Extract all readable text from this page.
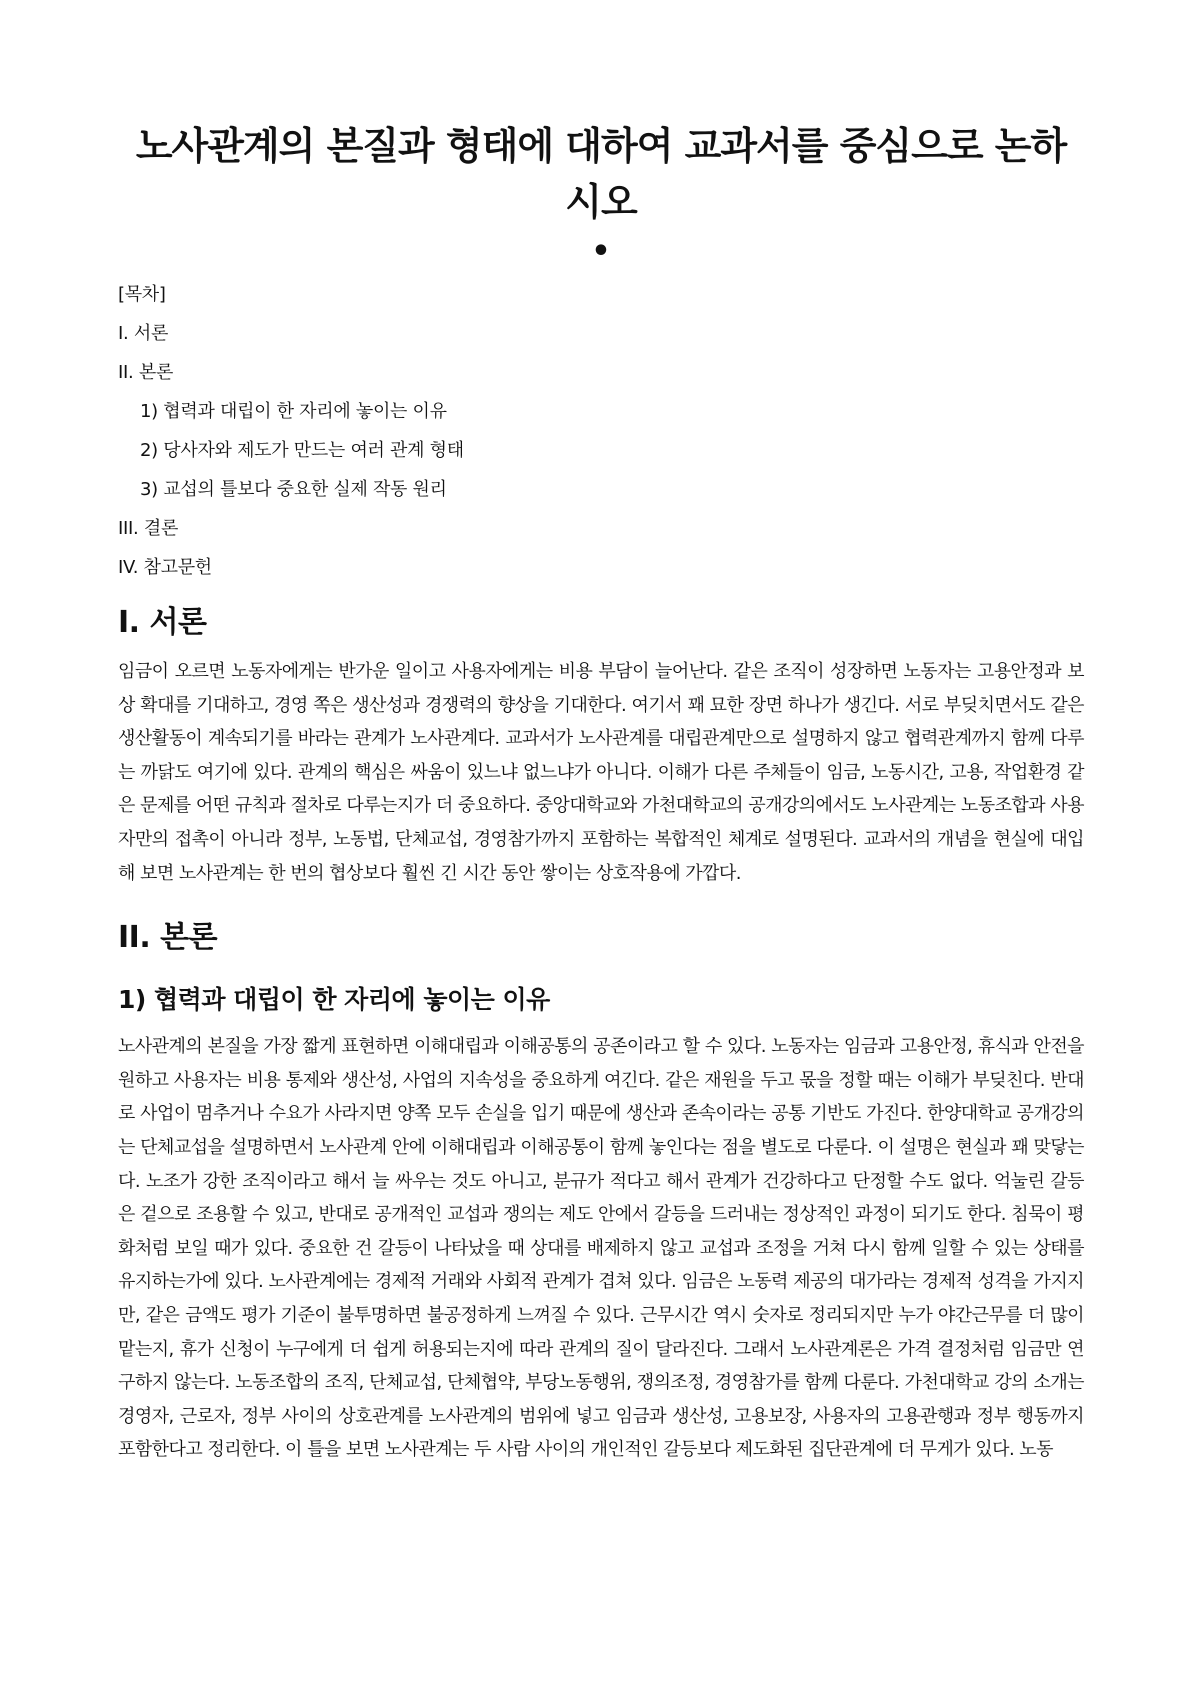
노사관계의 본질과 형태에 대하여 교과서를 중심으로 논하시오
•
[목차]
I. 서론
II. 본론
1) 협력과 대립이 한 자리에 놓이는 이유
2) 당사자와 제도가 만드는 여러 관계 형태
3) 교섭의 틀보다 중요한 실제 작동 원리
III. 결론
IV. 참고문헌
I. 서론

임금이 오르면 노동자에게는 반가운 일이고 사용자에게는 비용 부담이 늘어난다. 같은 조직이 성장하면 노동자는 고용안정과 보상 확대를 기대하고, 경영 쪽은 생산성과 경쟁력의 향상을 기대한다. 여기서 꽤 묘한 장면 하나가 생긴다. 서로 부딪치면서도 같은 생산활동이 계속되기를 바라는 관계가 노사관계다. 교과서가 노사관계를 대립관계만으로 설명하지 않고 협력관계까지 함께 다루는 까닭도 여기에 있다. 관계의 핵심은 싸움이 있느냐 없느냐가 아니다. 이해가 다른 주체들이 임금, 노동시간, 고용, 작업환경 같은 문제를 어떤 규칙과 절차로 다루는지가 더 중요하다. 중앙대학교와 가천대학교의 공개강의에서도 노사관계는 노동조합과 사용자만의 접촉이 아니라 정부, 노동법, 단체교섭, 경영참가까지 포함하는 복합적인 체계로 설명된다. 교과서의 개념을 현실에 대입해 보면 노사관계는 한 번의 협상보다 훨씬 긴 시간 동안 쌓이는 상호작용에 가깝다.

II. 본론
1) 협력과 대립이 한 자리에 놓이는 이유

노사관계의 본질을 가장 짧게 표현하면 이해대립과 이해공통의 공존이라고 할 수 있다. 노동자는 임금과 고용안정, 휴식과 안전을 원하고 사용자는 비용 통제와 생산성, 사업의 지속성을 중요하게 여긴다. 같은 재원을 두고 몫을 정할 때는 이해가 부딪친다. 반대로 사업이 멈추거나 수요가 사라지면 양쪽 모두 손실을 입기 때문에 생산과 존속이라는 공통 기반도 가진다. 한양대학교 공개강의는 단체교섭을 설명하면서 노사관계 안에 이해대립과 이해공통이 함께 놓인다는 점을 별도로 다룬다. 이 설명은 현실과 꽤 맞닿는다. 노조가 강한 조직이라고 해서 늘 싸우는 것도 아니고, 분규가 적다고 해서 관계가 건강하다고 단정할 수도 없다. 억눌린 갈등은 겉으로 조용할 수 있고, 반대로 공개적인 교섭과 쟁의는 제도 안에서 갈등을 드러내는 정상적인 과정이 되기도 한다. 침묵이 평화처럼 보일 때가 있다. 중요한 건 갈등이 나타났을 때 상대를 배제하지 않고 교섭과 조정을 거쳐 다시 함께 일할 수 있는 상태를 유지하는가에 있다. 노사관계에는 경제적 거래와 사회적 관계가 겹쳐 있다. 임금은 노동력 제공의 대가라는 경제적 성격을 가지지만, 같은 금액도 평가 기준이 불투명하면 불공정하게 느껴질 수 있다. 근무시간 역시 숫자로 정리되지만 누가 야간근무를 더 많이 맡는지, 휴가 신청이 누구에게 더 쉽게 허용되는지에 따라 관계의 질이 달라진다. 그래서 노사관계론은 가격 결정처럼 임금만 연구하지 않는다. 노동조합의 조직, 단체교섭, 단체협약, 부당노동행위, 쟁의조정, 경영참가를 함께 다룬다. 가천대학교 강의 소개는 경영자, 근로자, 정부 사이의 상호관계를 노사관계의 범위에 넣고 임금과 생산성, 고용보장, 사용자의 고용관행과 정부 행동까지 포함한다고 정리한다. 이 틀을 보면 노사관계는 두 사람 사이의 개인적인 갈등보다 제도화된 집단관계에 더 무게가 있다. 노동
